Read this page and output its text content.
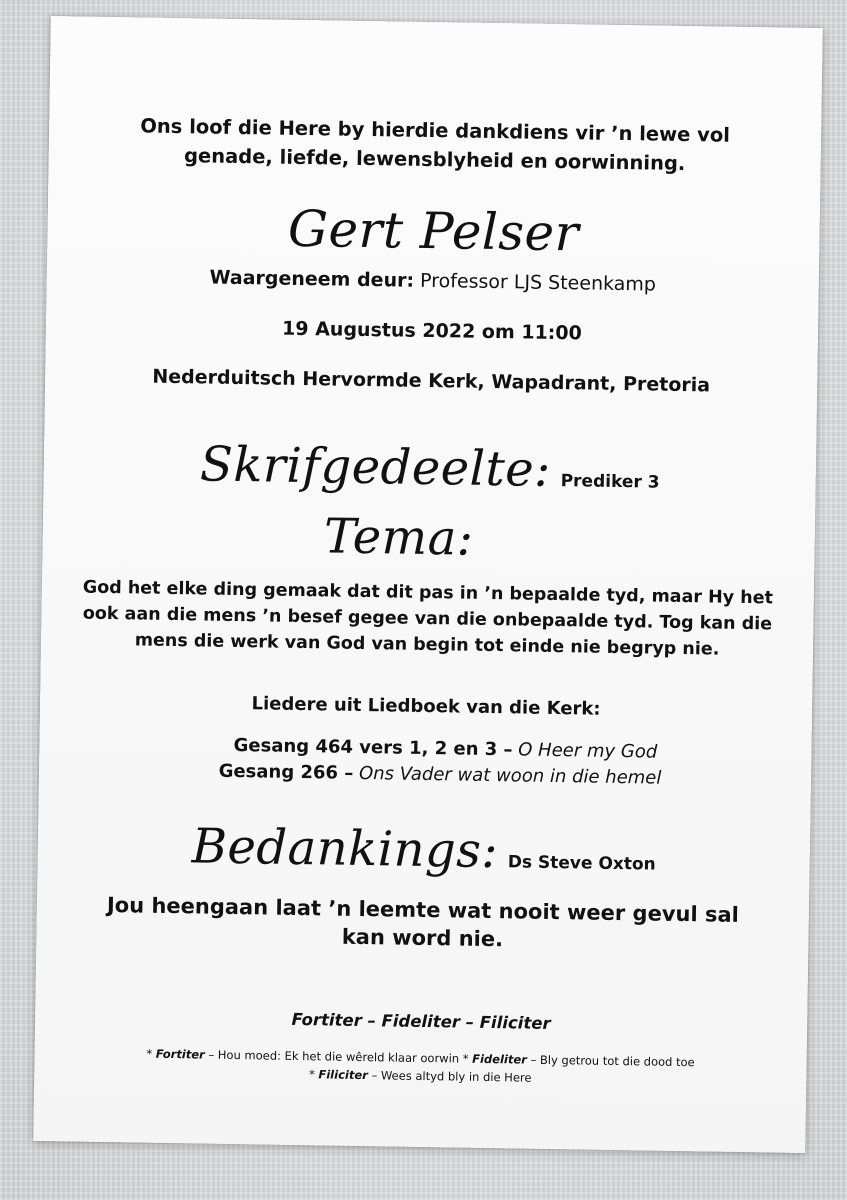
Ons loof die Here by hierdie dankdiens vir ’n lewe vol
genade, liefde, lewensblyheid en oorwinning.
Gert Pelser
Waargeneem deur: Professor LJS Steenkamp
19 Augustus 2022 om 11:00
Nederduitsch Hervormde Kerk, Wapadrant, Pretoria
Skrifgedeelte: Prediker 3
Tema:
God het elke ding gemaak dat dit pas in ’n bepaalde tyd, maar Hy het
ook aan die mens ’n besef gegee van die onbepaalde tyd. Tog kan die
mens die werk van God van begin tot einde nie begryp nie.
Liedere uit Liedboek van die Kerk:
Gesang 464 vers 1, 2 en 3 – O Heer my God
Gesang 266 – Ons Vader wat woon in die hemel
Bedankings: Ds Steve Oxton
Jou heengaan laat ’n leemte wat nooit weer gevul sal
kan word nie.
Fortiter – Fideliter – Filiciter
* Fortiter – Hou moed: Ek het die wêreld klaar oorwin * Fideliter – Bly getrou tot die dood toe
* Filiciter – Wees altyd bly in die Here
